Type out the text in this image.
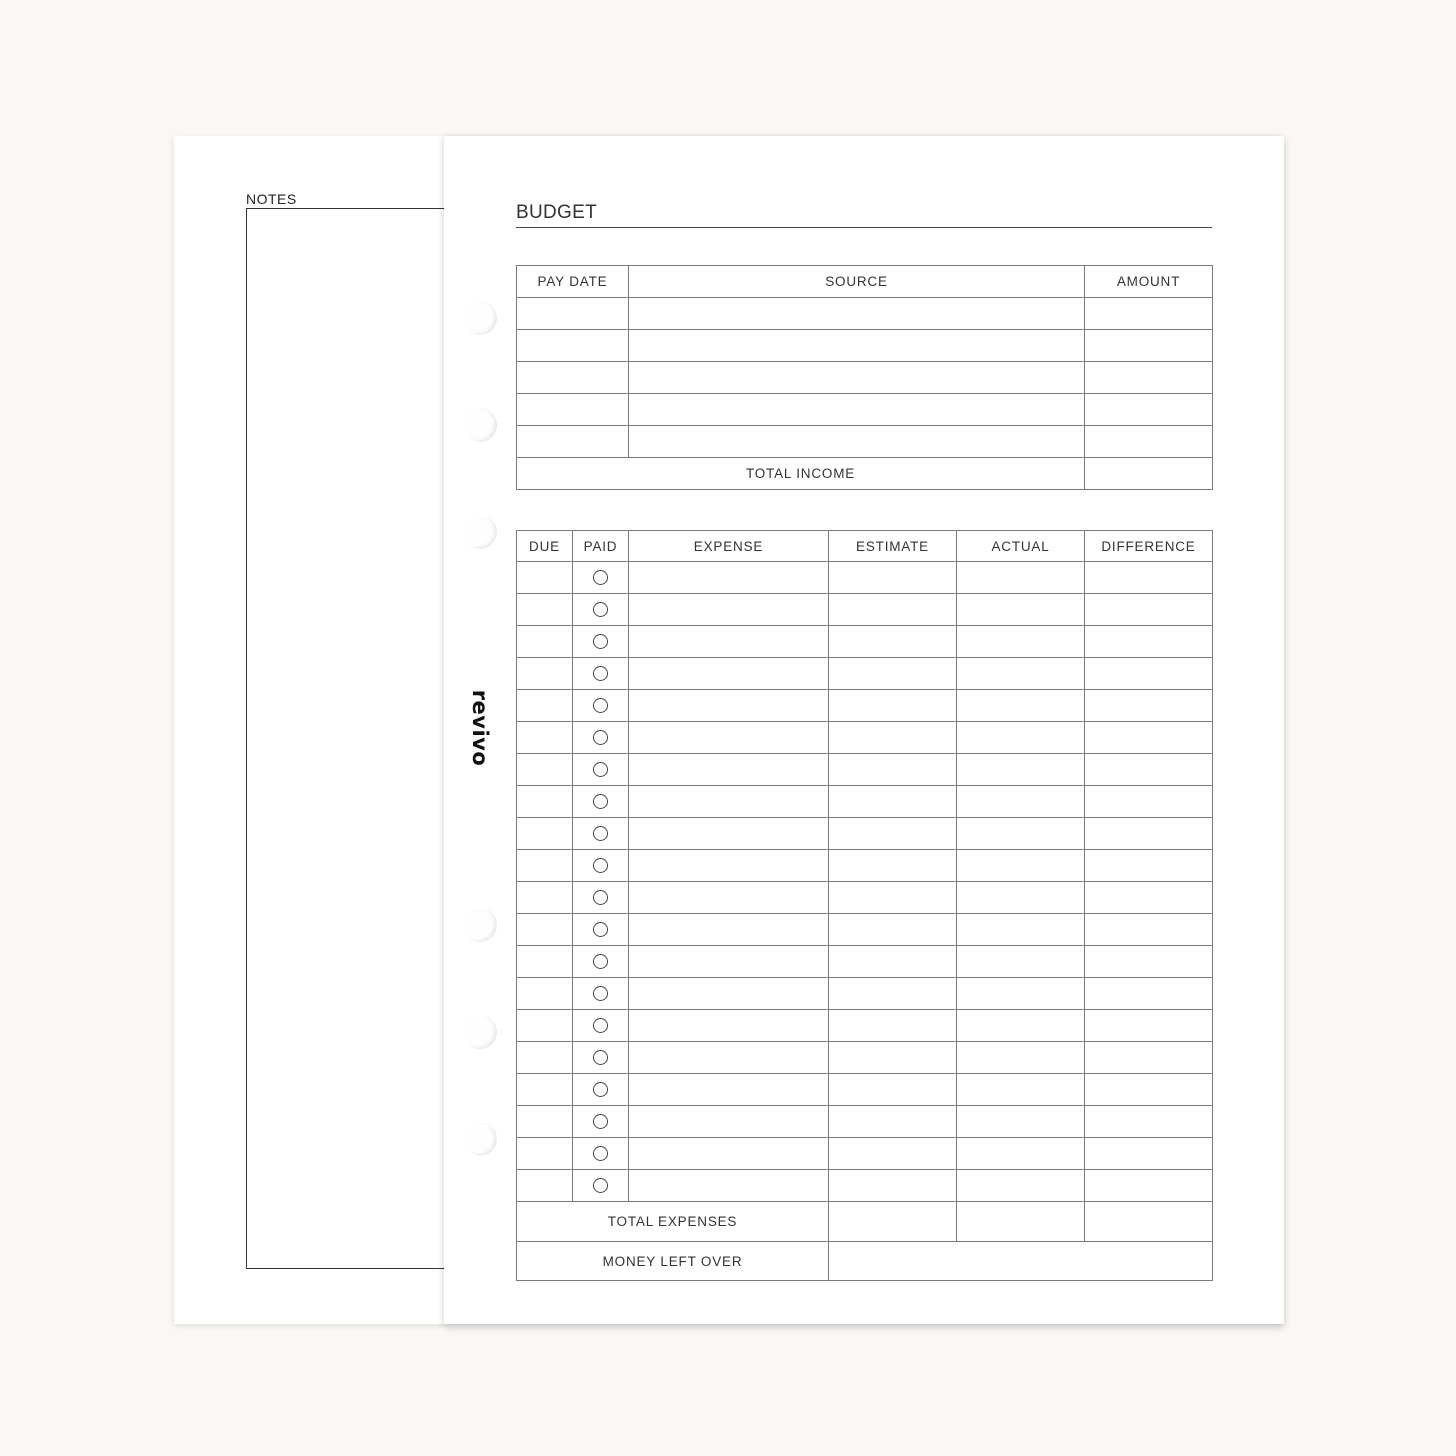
NOTES
revivo
BUDGET
PAY DATE	SOURCE	AMOUNT

TOTAL INCOME		
DUE	PAID	EXPENSE	ESTIMATE	ACTUAL	DIFFERENCE

TOTAL EXPENSES					
MONEY LEFT OVER					
